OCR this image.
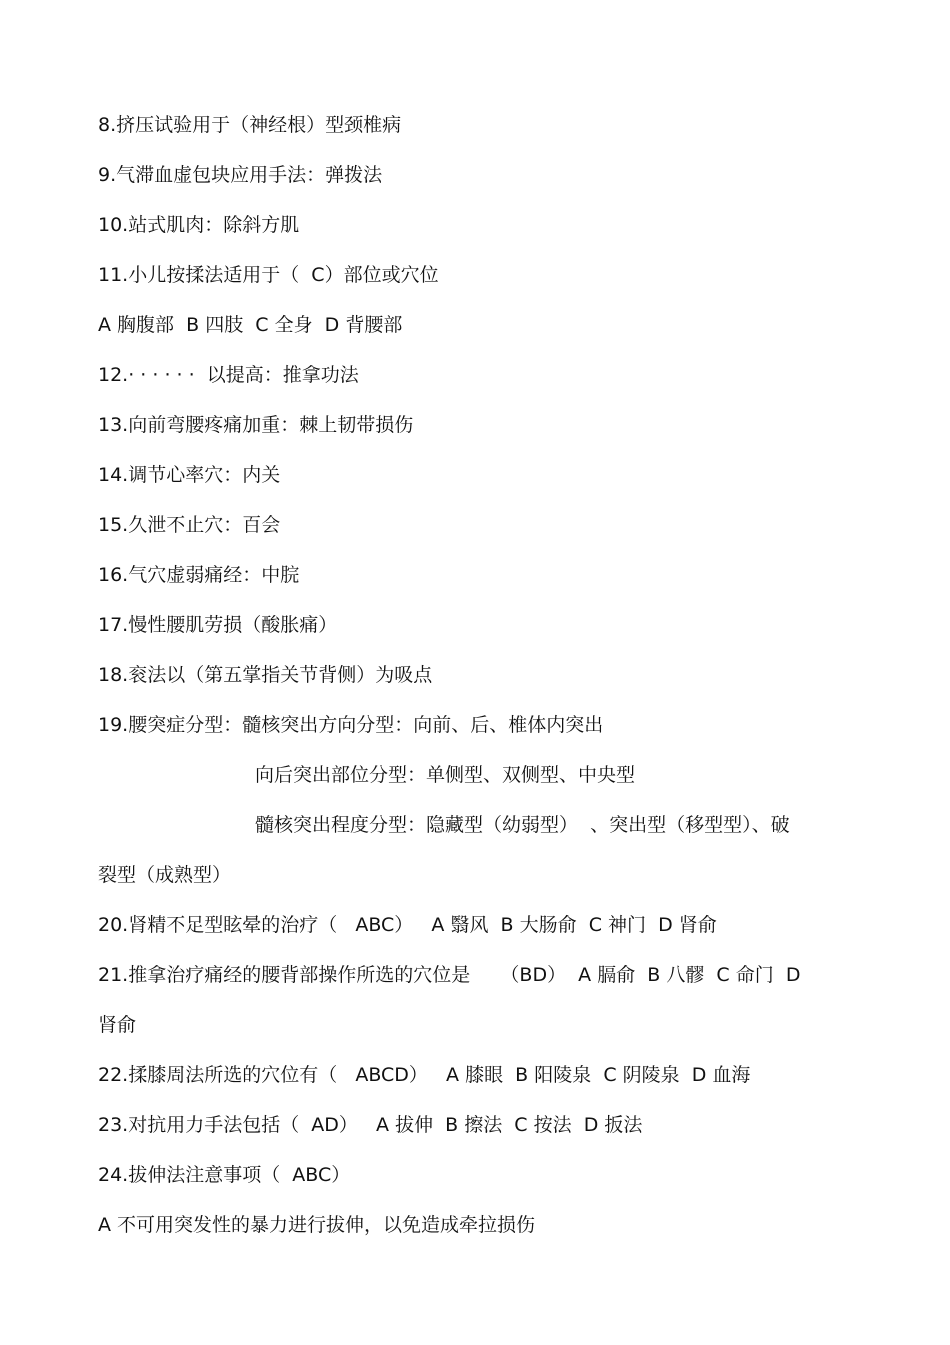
8.挤压试验用于（神经根）型颈椎病
9.气滞血虚包块应用手法：弹拨法
10.站式肌肉：除斜方肌
11.小儿按揉法适用于（  C）部位或穴位
A 胸腹部  B 四肢  C 全身  D 背腰部
12.· · · · · ·  以提高：推拿功法
13.向前弯腰疼痛加重：棘上韧带损伤
14.调节心率穴：内关
15.久泄不止穴：百会
16.气穴虚弱痛经：中脘
17.慢性腰肌劳损（酸胀痛）
18.衮法以（第五掌指关节背侧）为吸点
19.腰突症分型：髓核突出方向分型：向前、后、椎体内突出
向后突出部位分型：单侧型、双侧型、中央型
髓核突出程度分型：隐藏型（幼弱型）  、突出型（移型型）、破
裂型（成熟型）
20.肾精不足型眩晕的治疗（   ABC）   A 翳风  B 大肠俞  C 神门  D 肾俞
21.推拿治疗痛经的腰背部操作所选的穴位是     （BD）  A 膈俞  B 八髎  C 命门  D
肾俞
22.揉膝周法所选的穴位有（   ABCD）   A 膝眼  B 阳陵泉  C 阴陵泉  D 血海
23.对抗用力手法包括（  AD）   A 拔伸  B 擦法  C 按法  D 扳法
24.拔伸法注意事项（  ABC）
A 不可用突发性的暴力进行拔伸，以免造成牵拉损伤
